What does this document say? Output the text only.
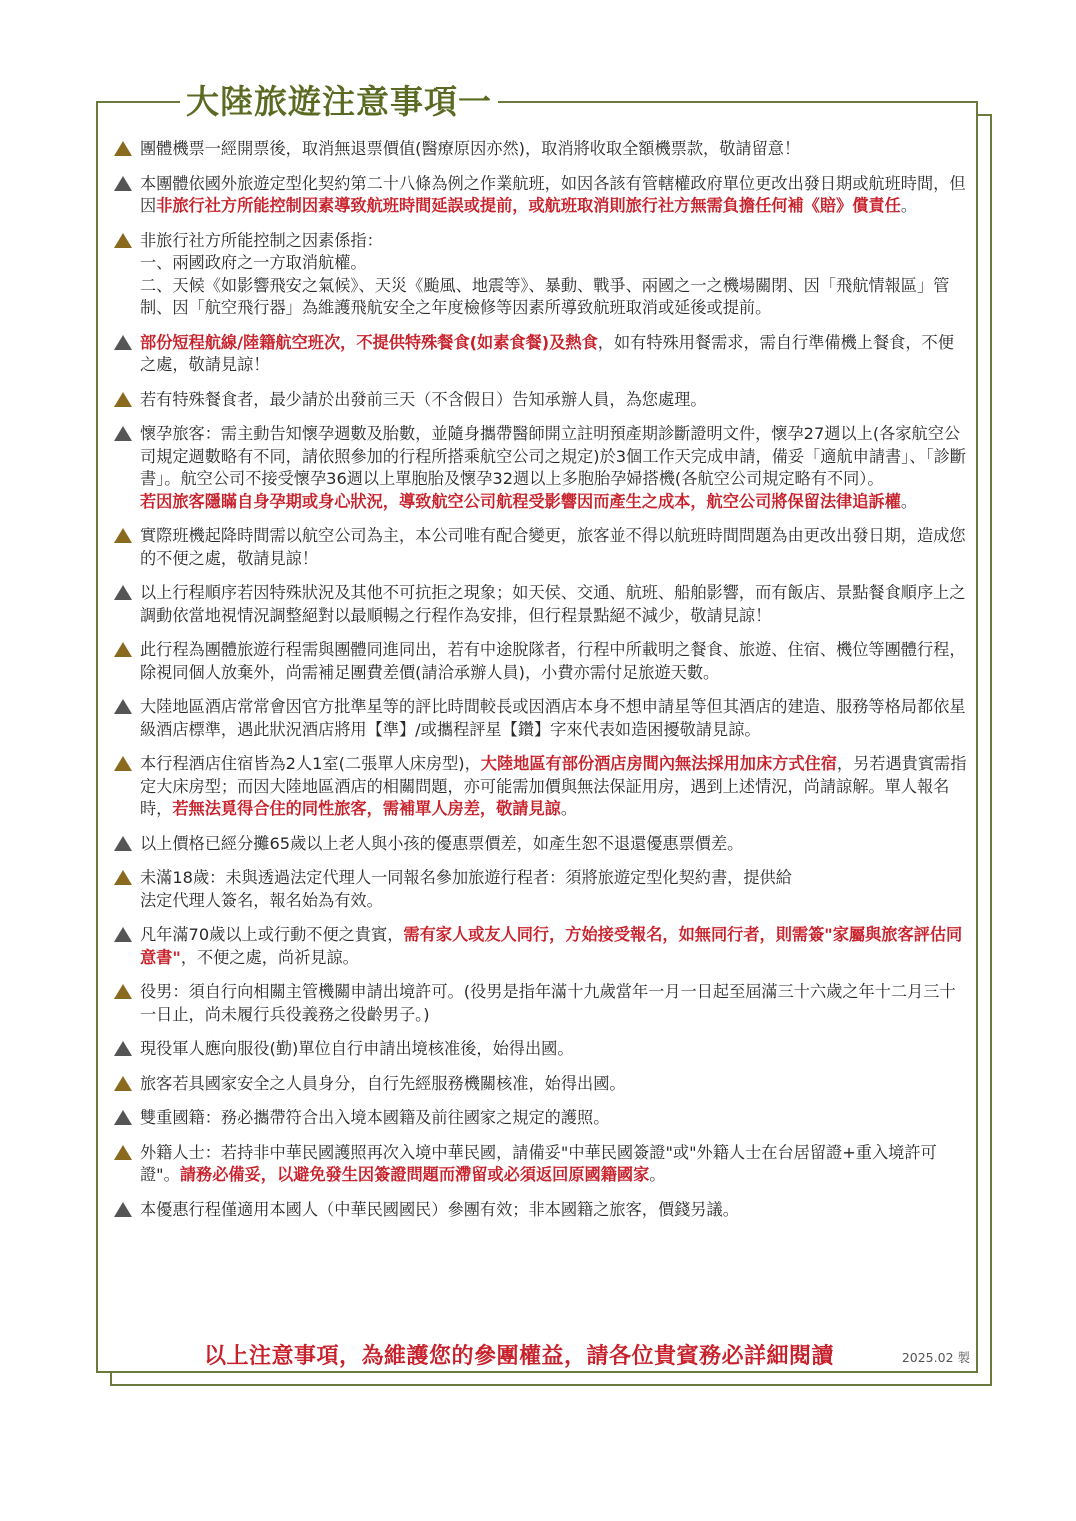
大陸旅遊注意事項一
團體機票一經開票後，取消無退票價值(醫療原因亦然)，取消將收取全額機票款，敬請留意！
本團體依國外旅遊定型化契約第二十八條為例之作業航班，如因各該有管轄權政府單位更改出發日期或航班時間，但因非旅行社方所能控制因素導致航班時間延誤或提前，或航班取消則旅行社方無需負擔任何補《賠》償責任。
非旅行社方所能控制之因素係指：
一、兩國政府之一方取消航權。
二、天候《如影響飛安之氣候》、天災《颱風、地震等》、暴動、戰爭、兩國之一之機場關閉、因「飛航情報區」管制、因「航空飛行器」為維護飛航安全之年度檢修等因素所導致航班取消或延後或提前。
部份短程航線/陸籍航空班次，不提供特殊餐食(如素食餐)及熱食，如有特殊用餐需求，需自行準備機上餐食，不便之處，敬請見諒！
若有特殊餐食者，最少請於出發前三天（不含假日）告知承辦人員，為您處理。
懷孕旅客：需主動告知懷孕週數及胎數，並隨身攜帶醫師開立註明預產期診斷證明文件，懷孕27週以上(各家航空公司規定週數略有不同，請依照參加的行程所搭乘航空公司之規定)於3個工作天完成申請，備妥「適航申請書」、「診斷書」。航空公司不接受懷孕36週以上單胞胎及懷孕32週以上多胞胎孕婦搭機(各航空公司規定略有不同）。
若因旅客隱瞞自身孕期或身心狀況，導致航空公司航程受影響因而產生之成本，航空公司將保留法律追訴權。
實際班機起降時間需以航空公司為主，本公司唯有配合變更，旅客並不得以航班時間問題為由更改出發日期，造成您的不便之處，敬請見諒！
以上行程順序若因特殊狀況及其他不可抗拒之現象；如天侯、交通、航班、船舶影響，而有飯店、景點餐食順序上之調動依當地視情況調整絕對以最順暢之行程作為安排，但行程景點絕不減少，敬請見諒！
此行程為團體旅遊行程需與團體同進同出，若有中途脫隊者，行程中所載明之餐食、旅遊、住宿、機位等團體行程，除視同個人放棄外，尚需補足團費差價(請洽承辦人員)，小費亦需付足旅遊天數。
大陸地區酒店常常會因官方批準星等的評比時間較長或因酒店本身不想申請星等但其酒店的建造、服務等格局都依星級酒店標準，遇此狀況酒店將用【準】/或攜程評星【鑽】字來代表如造困擾敬請見諒。
本行程酒店住宿皆為2人1室(二張單人床房型)，大陸地區有部份酒店房間內無法採用加床方式住宿，另若遇貴賓需指定大床房型；而因大陸地區酒店的相關問題，亦可能需加價與無法保証用房，遇到上述情況，尚請諒解。單人報名時，若無法覓得合住的同性旅客，需補單人房差，敬請見諒。
以上價格已經分攤65歲以上老人與小孩的優惠票價差，如產生恕不退還優惠票價差。
未滿18歲：未與透過法定代理人一同報名參加旅遊行程者：須將旅遊定型化契約書，提供給
法定代理人簽名，報名始為有效。
凡年滿70歲以上或行動不便之貴賓，需有家人或友人同行，方始接受報名，如無同行者，則需簽"家屬與旅客評估同意書"，不便之處，尚祈見諒。
役男：須自行向相關主管機關申請出境許可。(役男是指年滿十九歲當年一月一日起至屆滿三十六歲之年十二月三十一日止，尚未履行兵役義務之役齡男子。)
現役軍人應向服役(勤)單位自行申請出境核准後，始得出國。
旅客若具國家安全之人員身分，自行先經服務機關核准，始得出國。
雙重國籍：務必攜帶符合出入境本國籍及前往國家之規定的護照。
外籍人士：若持非中華民國護照再次入境中華民國，請備妥"中華民國簽證"或"外籍人士在台居留證+重入境許可證"。請務必備妥，以避免發生因簽證問題而滯留或必須返回原國籍國家。
本優惠行程僅適用本國人（中華民國國民）參團有效；非本國籍之旅客，價錢另議。
以上注意事項，為維護您的參團權益，請各位貴賓務必詳細閱讀	2025.02 製
